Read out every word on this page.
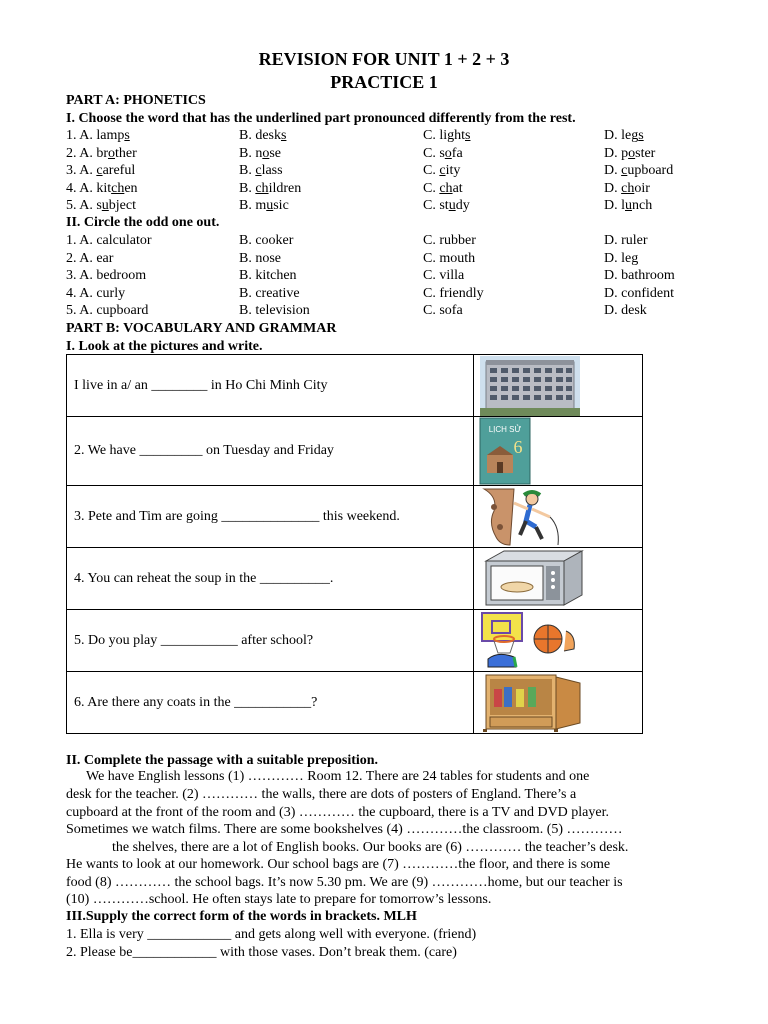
REVISION FOR UNIT 1 + 2 + 3
PRACTICE 1
PART A: PHONETICS
I. Choose the word that has the underlined part pronounced differently from the rest.
1. A. lamps	B. desks	C. lights	D. legs
2. A. brother	B. nose	C. sofa	D. poster
3. A. careful	B. class	C. city	D. cupboard
4. A. kitchen	B. children	C. chat	D. choir
5. A. subject	B. music	C. study	D. lunch
II. Circle the odd one out.
1. A. calculator	B. cooker	C. rubber	D. ruler
2. A. ear	B. nose	C. mouth	D. leg
3. A. bedroom	B. kitchen	C. villa	D. bathroom
4. A. curly	B. creative	C. friendly	D. confident
5. A. cupboard	B. television	C. sofa	D. desk
PART B: VOCABULARY AND GRAMMAR
I. Look at the pictures and write.
I live in a/ an ________ in Ho Chi Minh City	

2. We have _________ on Tuesday and Friday	LỊCH SỬ
6

3. Pete and Tim are going ______________ this weekend.	

4. You can reheat the soup in the __________.	

5. Do you play ___________ after school?	

6. Are there any coats in the ___________?	
II. Complete the passage with a suitable preposition.
We have English lessons (1) ………… Room 12. There are 24 tables for students and one
desk for the teacher. (2) ………… the walls, there are dots of posters of England. There’s a
cupboard at the front of the room and (3) ………… the cupboard, there is a TV and DVD player.
Sometimes we watch films. There are some bookshelves (4) …………the classroom. (5) …………
the shelves, there are a lot of English books. Our books are (6) ………… the teacher’s desk.
He wants to look at our homework. Our school bags are (7) …………the floor, and there is some
food (8) ………… the school bags. It’s now 5.30 pm. We are (9) …………home, but our teacher is
(10) …………school. He often stays late to prepare for tomorrow’s lessons.
III.Supply the correct form of the words in brackets. MLH
1. Ella is very ____________ and gets along well with everyone. (friend)
2. Please be____________ with those vases. Don’t break them. (care)
